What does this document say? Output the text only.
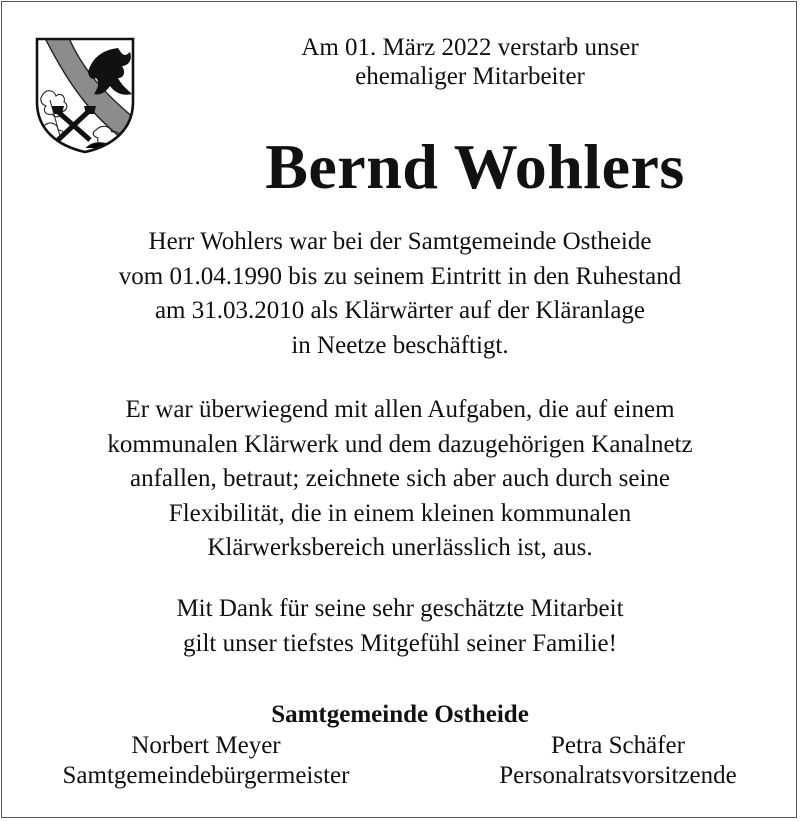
Am 01. März 2022 verstarb unser
ehemaliger Mitarbeiter
Bernd Wohlers

Herr Wohlers war bei der Samtgemeinde Ostheide

vom 01.04.1990 bis zu seinem Eintritt in den Ruhestand

am 31.03.2010 als Klärwärter auf der Kläranlage

in Neetze beschäftigt.

Er war überwiegend mit allen Aufgaben, die auf einem

kommunalen Klärwerk und dem dazugehörigen Kanalnetz

anfallen, betraut; zeichnete sich aber auch durch seine

Flexibilität, die in einem kleinen kommunalen

Klärwerksbereich unerlässlich ist, aus.

Mit Dank für seine sehr geschätzte Mitarbeit

gilt unser tiefstes Mitgefühl seiner Familie!

Samtgemeinde Ostheide
Norbert Meyer
Samtgemeindebürgermeister
Petra Schäfer
Personalratsvorsitzende
